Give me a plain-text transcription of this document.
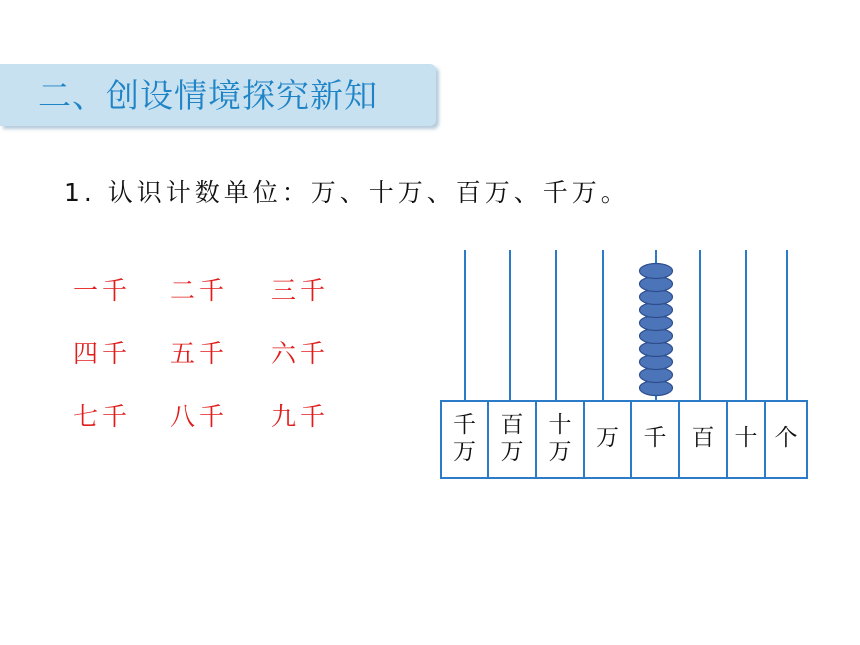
二、创设情境探究新知
1. 认识计数单位：万、十万、百万、千万。
一千 二千 三千
四千 五千 六千
七千 八千 九千	千
万
百
万
十
万
万 千 百 十 个
